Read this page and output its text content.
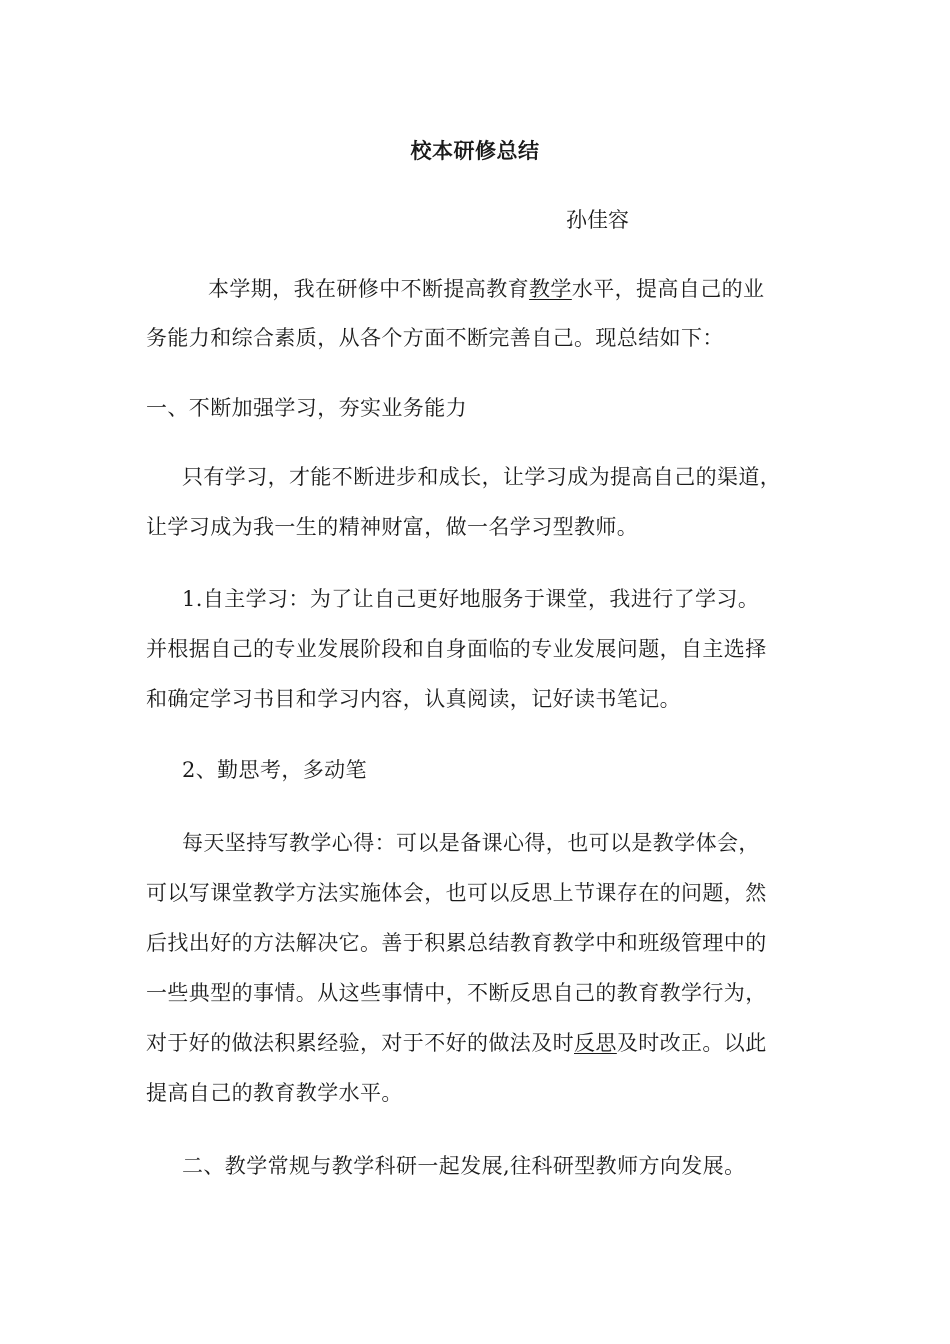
校本研修总结
孙佳容
本学期，我在研修中不断提高教育教学水平，提高自己的业
务能力和综合素质，从各个方面不断完善自己。现总结如下：
一、不断加强学习，夯实业务能力
只有学习，才能不断进步和成长，让学习成为提高自己的渠道，
让学习成为我一生的精神财富，做一名学习型教师。
1.自主学习：为了让自己更好地服务于课堂，我进行了学习。
并根据自己的专业发展阶段和自身面临的专业发展问题，自主选择
和确定学习书目和学习内容，认真阅读，记好读书笔记。
2、勤思考，多动笔
每天坚持写教学心得：可以是备课心得，也可以是教学体会，
可以写课堂教学方法实施体会，也可以反思上节课存在的问题，然
后找出好的方法解决它。善于积累总结教育教学中和班级管理中的
一些典型的事情。从这些事情中，不断反思自己的教育教学行为，
对于好的做法积累经验，对于不好的做法及时反思及时改正。以此
提高自己的教育教学水平。
二、教学常规与教学科研一起发展,往科研型教师方向发展。
